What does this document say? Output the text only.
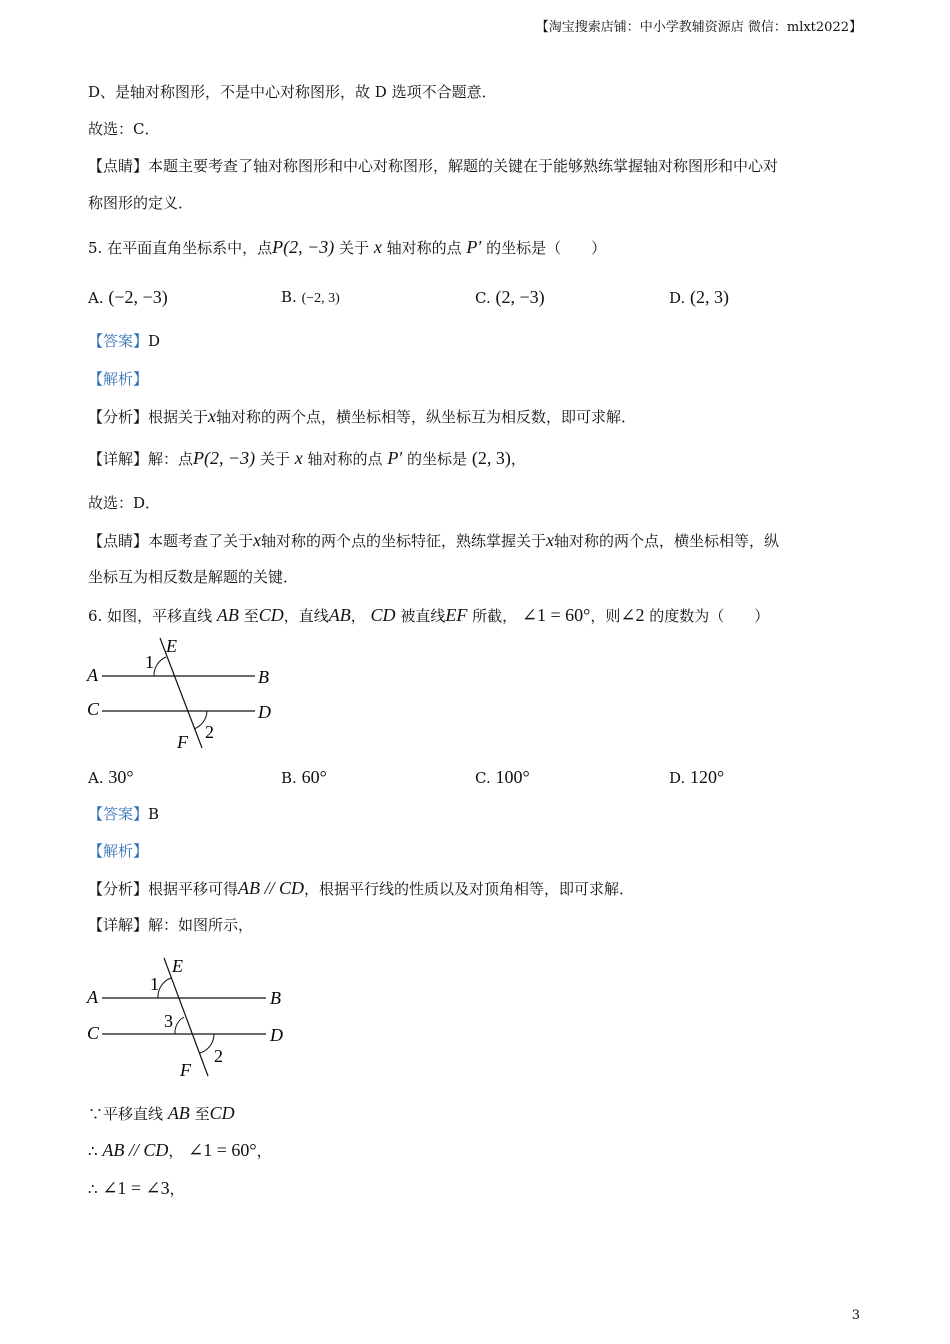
【淘宝搜索店铺：中小学教辅资源店 微信：mlxt2022】
D、是轴对称图形，不是中心对称图形，故 D 选项不合题意．
故选：C．
【点睛】本题主要考查了轴对称图形和中心对称图形，解题的关键在于能够熟练掌握轴对称图形和中心对
称图形的定义．
5. 在平面直角坐标系中，点P(2, −3) 关于 x 轴对称的点 P′ 的坐标是（　　）
A. (−2, −3)	B. (−2, 3)	C. (2, −3)	D. (2, 3)
【答案】D
【解析】
【分析】根据关于x轴对称的两个点，横坐标相等，纵坐标互为相反数，即可求解．
【详解】解：点P(2, −3) 关于 x 轴对称的点 P′ 的坐标是 (2, 3)，
故选：D．
【点睛】本题考查了关于x轴对称的两个点的坐标特征，熟练掌握关于x轴对称的两个点，横坐标相等，纵
坐标互为相反数是解题的关键．
6. 如图，平移直线 AB 至CD，直线AB， CD 被直线EF 所截， ∠1 = 60°，则∠2 的度数为（　　）
A	B
C	D
E
F
1
2
A. 30°	B. 60°	C. 100°	D. 120°
【答案】B
【解析】
【分析】根据平移可得AB // CD，根据平行线的性质以及对顶角相等，即可求解．
【详解】解：如图所示，
A	B
C	D
E
F
1
3
2
∵平移直线 AB 至CD
∴ AB // CD， ∠1 = 60°，
∴ ∠1 = ∠3，
3
